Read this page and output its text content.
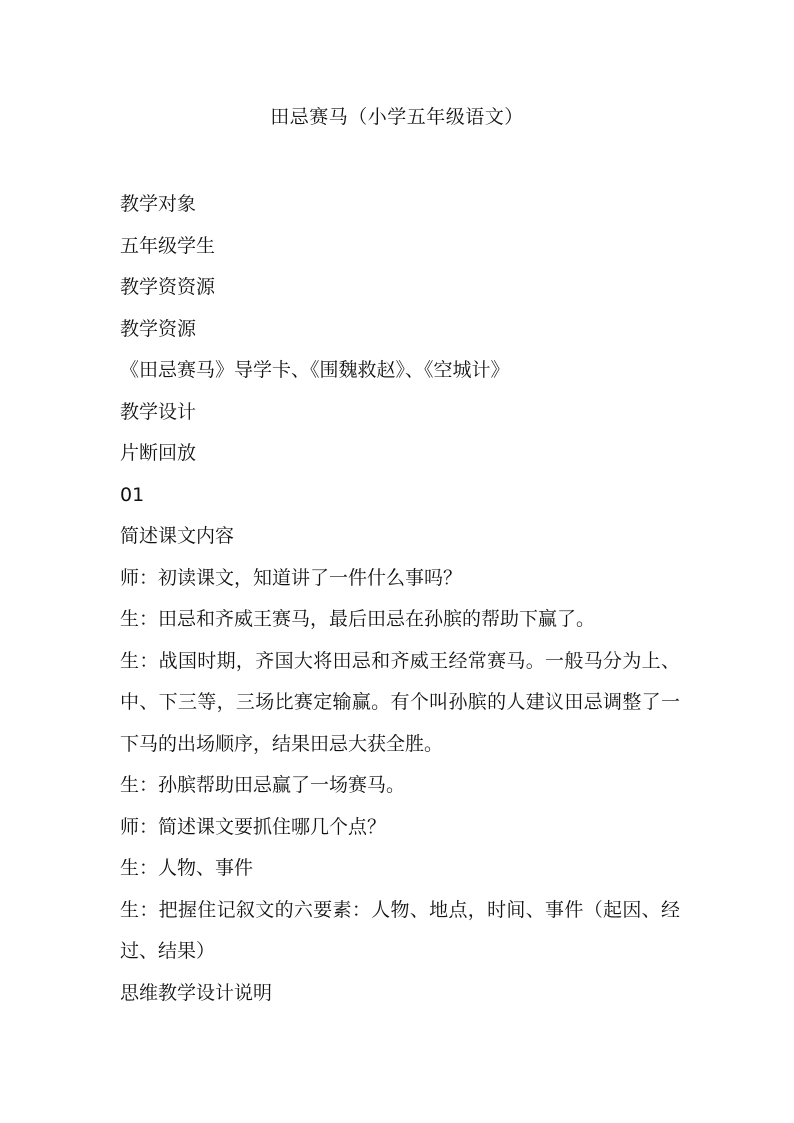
田忌赛马（小学五年级语文）

教学对象

五年级学生

教学资资源

教学资源

《田忌赛马》导学卡、《围魏救赵》、《空城计》

教学设计

片断回放

01

简述课文内容

师：初读课文，知道讲了一件什么事吗？

生：田忌和齐威王赛马，最后田忌在孙膑的帮助下赢了。

生：战国时期，齐国大将田忌和齐威王经常赛马。一般马分为上、中、下三等，三场比赛定输赢。有个叫孙膑的人建议田忌调整了一下马的出场顺序，结果田忌大获全胜。

生：孙膑帮助田忌赢了一场赛马。

师：简述课文要抓住哪几个点？

生：人物、事件

生：把握住记叙文的六要素：人物、地点，时间、事件（起因、经过、结果）

思维教学设计说明
